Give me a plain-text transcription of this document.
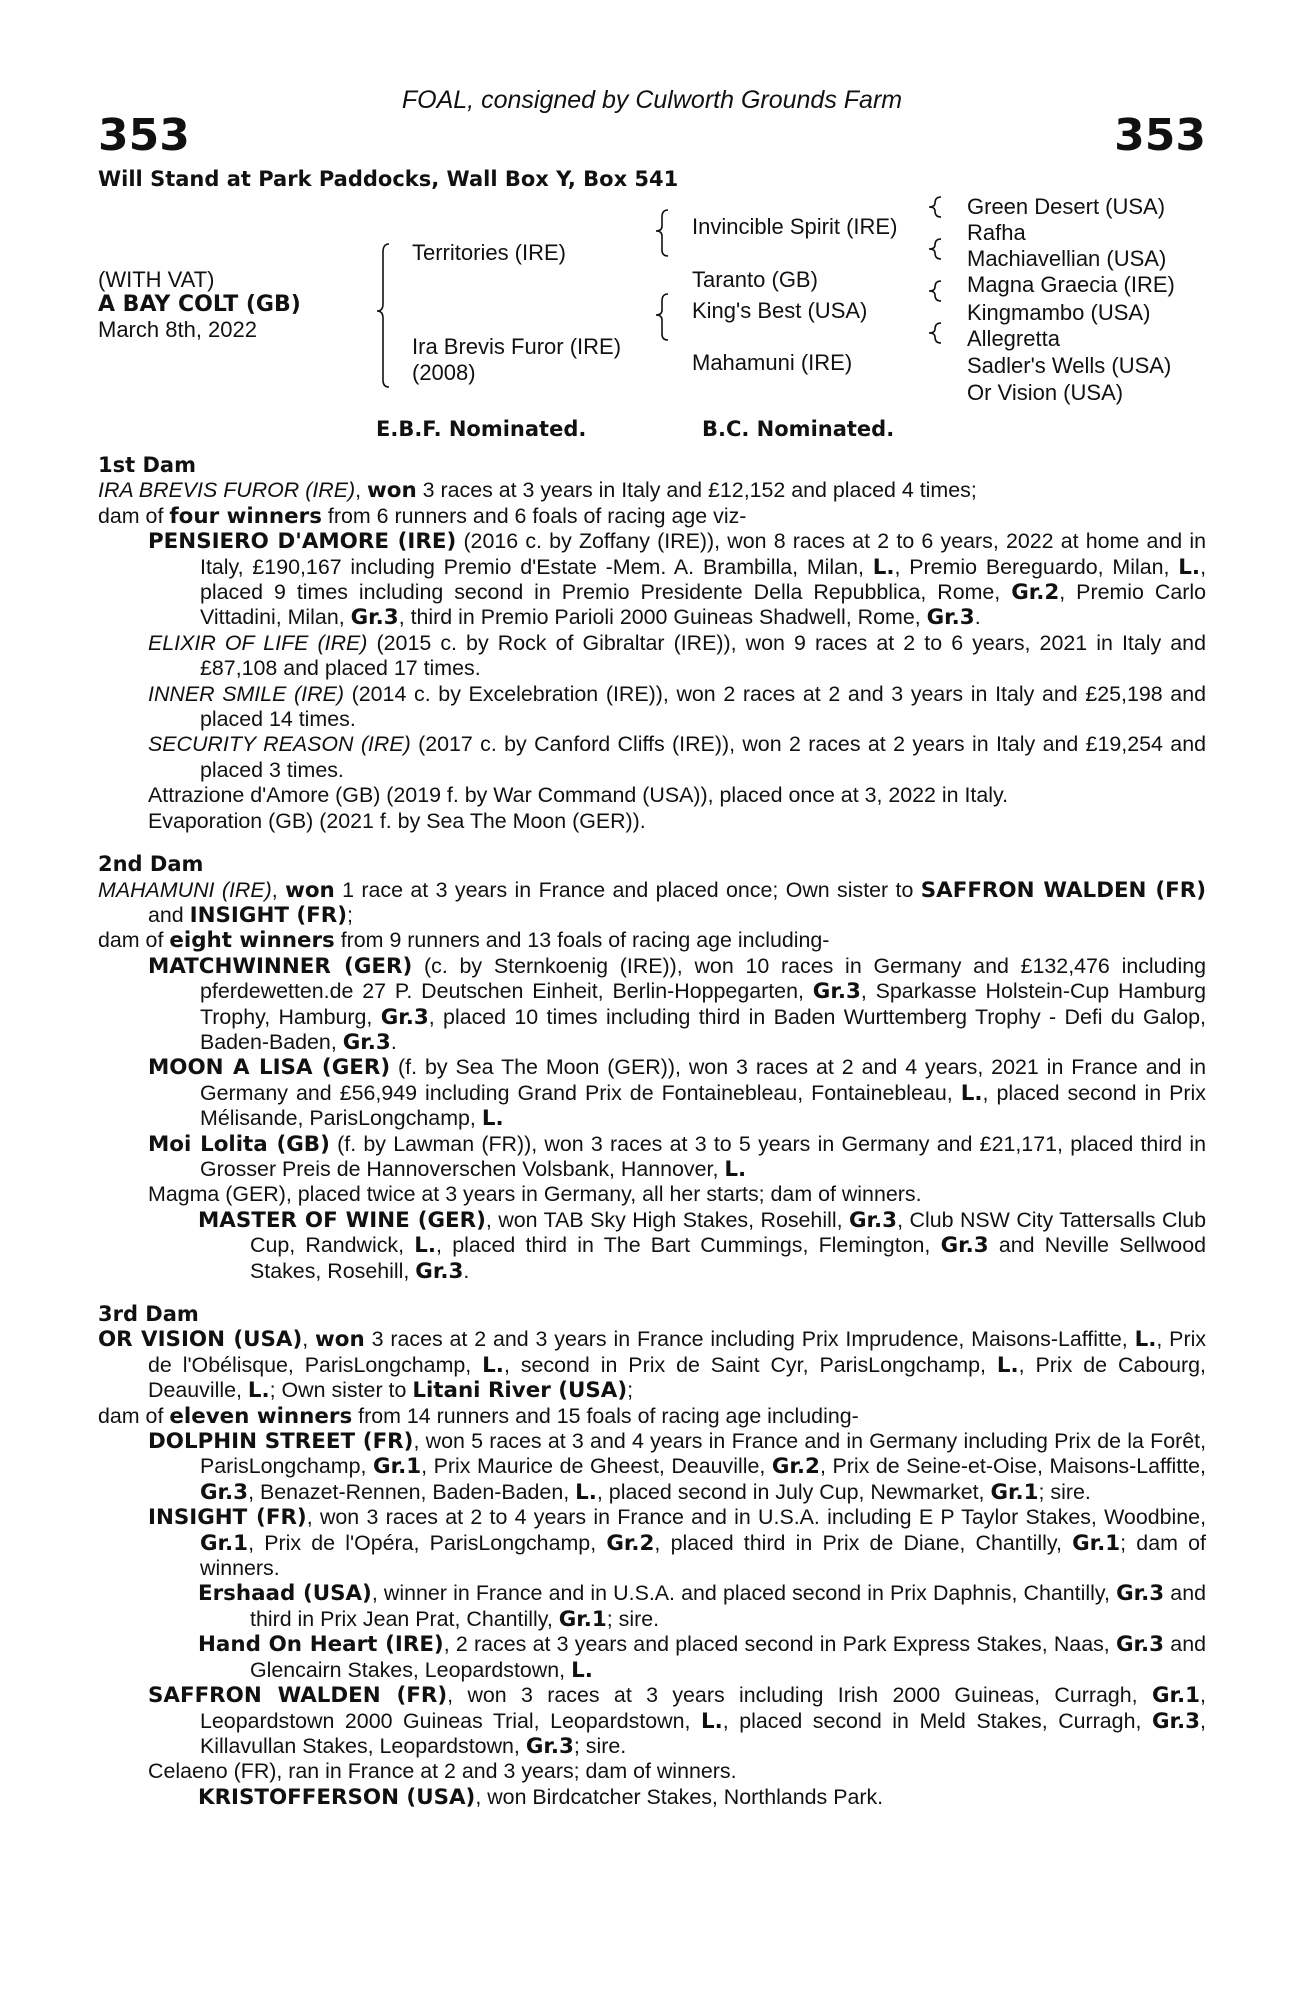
FOAL, consigned by Culworth Grounds Farm
353	353
Will Stand at Park Paddocks, Wall Box Y, Box 541
(WITH VAT)
A BAY COLT (GB)
March 8th, 2022
Territories (IRE)
Ira Brevis Furor (IRE)
(2008)
Invincible Spirit (IRE)
Taranto (GB)
King's Best (USA)
Mahamuni (IRE)
Green Desert (USA)
Rafha
Machiavellian (USA)
Magna Graecia (IRE)
Kingmambo (USA)
Allegretta
Sadler's Wells (USA)
Or Vision (USA)
E.B.F. Nominated.	B.C. Nominated.
1st Dam
IRA BREVIS FUROR (IRE), won 3 races at 3 years in Italy and £12,152 and placed 4 times;
dam of four winners from 6 runners and 6 foals of racing age viz-
PENSIERO D'AMORE (IRE) (2016 c. by Zoffany (IRE)), won 8 races at 2 to 6 years, 2022 at home and in Italy, £190,167 including Premio d'Estate -Mem. A. Brambilla, Milan, L., Premio Bereguardo, Milan, L., placed 9 times including second in Premio Presidente Della Repubblica, Rome, Gr.2, Premio Carlo Vittadini, Milan, Gr.3, third in Premio Parioli 2000 Guineas Shadwell, Rome, Gr.3.
ELIXIR OF LIFE (IRE) (2015 c. by Rock of Gibraltar (IRE)), won 9 races at 2 to 6 years, 2021 in Italy and £87,108 and placed 17 times.
INNER SMILE (IRE) (2014 c. by Excelebration (IRE)), won 2 races at 2 and 3 years in Italy and £25,198 and placed 14 times.
SECURITY REASON (IRE) (2017 c. by Canford Cliffs (IRE)), won 2 races at 2 years in Italy and £19,254 and placed 3 times.
Attrazione d'Amore (GB) (2019 f. by War Command (USA)), placed once at 3, 2022 in Italy.
Evaporation (GB) (2021 f. by Sea The Moon (GER)).
2nd Dam
MAHAMUNI (IRE), won 1 race at 3 years in France and placed once; Own sister to SAFFRON WALDEN (FR) and INSIGHT (FR);
dam of eight winners from 9 runners and 13 foals of racing age including-
MATCHWINNER (GER) (c. by Sternkoenig (IRE)), won 10 races in Germany and £132,476 including pferdewetten.de 27 P. Deutschen Einheit, Berlin-Hoppegarten, Gr.3, Sparkasse Holstein-Cup Hamburg Trophy, Hamburg, Gr.3, placed 10 times including third in Baden Wurttemberg Trophy - Defi du Galop, Baden-Baden, Gr.3.
MOON A LISA (GER) (f. by Sea The Moon (GER)), won 3 races at 2 and 4 years, 2021 in France and in Germany and £56,949 including Grand Prix de Fontainebleau, Fontainebleau, L., placed second in Prix Mélisande, ParisLongchamp, L.
Moi Lolita (GB) (f. by Lawman (FR)), won 3 races at 3 to 5 years in Germany and £21,171, placed third in Grosser Preis de Hannoverschen Volsbank, Hannover, L.
Magma (GER), placed twice at 3 years in Germany, all her starts; dam of winners.
MASTER OF WINE (GER), won TAB Sky High Stakes, Rosehill, Gr.3, Club NSW City Tattersalls Club Cup, Randwick, L., placed third in The Bart Cummings, Flemington, Gr.3 and Neville Sellwood Stakes, Rosehill, Gr.3.
3rd Dam
OR VISION (USA), won 3 races at 2 and 3 years in France including Prix Imprudence, Maisons-Laffitte, L., Prix de l'Obélisque, ParisLongchamp, L., second in Prix de Saint Cyr, ParisLongchamp, L., Prix de Cabourg, Deauville, L.; Own sister to Litani River (USA);
dam of eleven winners from 14 runners and 15 foals of racing age including-
DOLPHIN STREET (FR), won 5 races at 3 and 4 years in France and in Germany including Prix de la Forêt, ParisLongchamp, Gr.1, Prix Maurice de Gheest, Deauville, Gr.2, Prix de Seine-et-Oise, Maisons-Laffitte, Gr.3, Benazet-Rennen, Baden-Baden, L., placed second in July Cup, Newmarket, Gr.1; sire.
INSIGHT (FR), won 3 races at 2 to 4 years in France and in U.S.A. including E P Taylor Stakes, Woodbine, Gr.1, Prix de l'Opéra, ParisLongchamp, Gr.2, placed third in Prix de Diane, Chantilly, Gr.1; dam of winners.
Ershaad (USA), winner in France and in U.S.A. and placed second in Prix Daphnis, Chantilly, Gr.3 and third in Prix Jean Prat, Chantilly, Gr.1; sire.
Hand On Heart (IRE), 2 races at 3 years and placed second in Park Express Stakes, Naas, Gr.3 and Glencairn Stakes, Leopardstown, L.
SAFFRON WALDEN (FR), won 3 races at 3 years including Irish 2000 Guineas, Curragh, Gr.1, Leopardstown 2000 Guineas Trial, Leopardstown, L., placed second in Meld Stakes, Curragh, Gr.3, Killavullan Stakes, Leopardstown, Gr.3; sire.
Celaeno (FR), ran in France at 2 and 3 years; dam of winners.
KRISTOFFERSON (USA), won Birdcatcher Stakes, Northlands Park.
